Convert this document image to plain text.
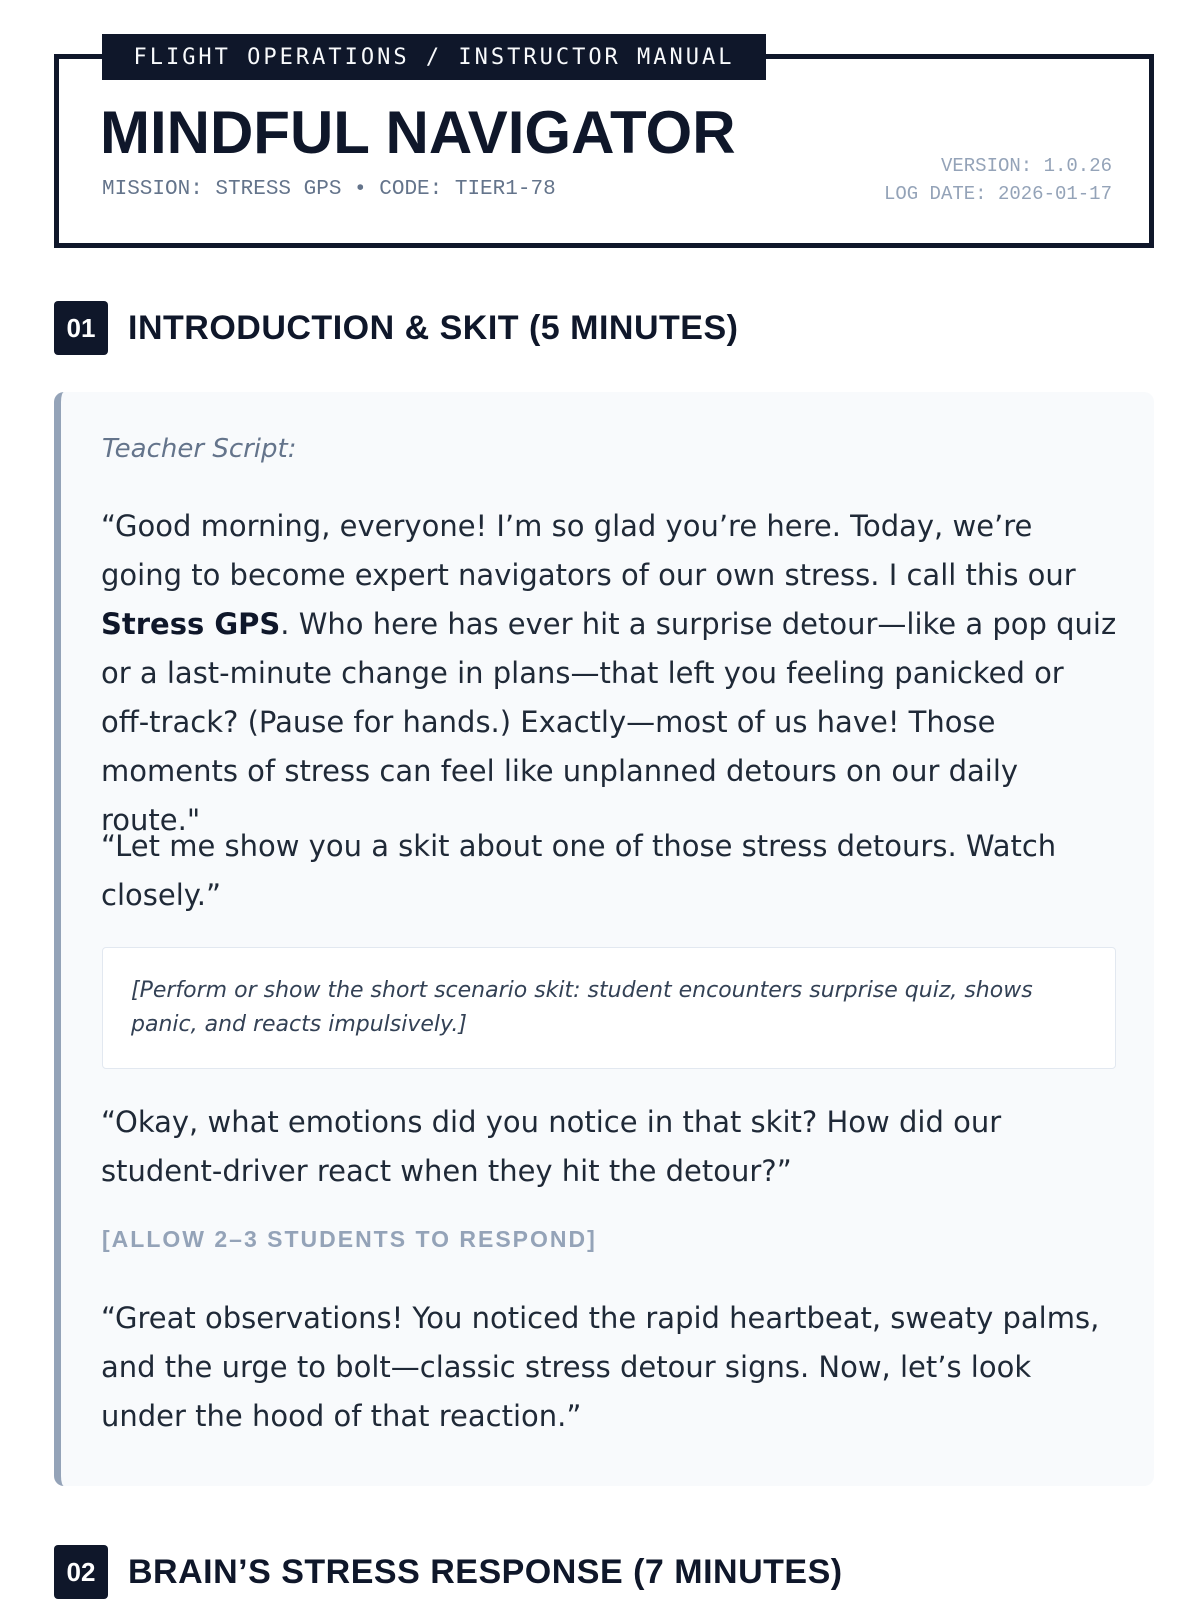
FLIGHT OPERATIONS / INSTRUCTOR MANUAL
MINDFUL NAVIGATOR
MISSION: STRESS GPS • CODE: TIER1-78
VERSION: 1.0.26
LOG DATE: 2026-01-17
01 INTRODUCTION & SKIT (5 MINUTES)
Teacher Script:

“Good morning, everyone! I’m so glad you’re here. Today, we’re going to become expert navigators of our own stress. I call this our Stress GPS. Who here has ever hit a surprise detour—like a pop quiz or a last-minute change in plans—that left you feeling panicked or off-track? (Pause for hands.) Exactly—most of us have! Those moments of stress can feel like unplanned detours on our daily route."

“Let me show you a skit about one of those stress detours. Watch closely.”

[Perform or show the short scenario skit: student encounters surprise quiz, shows panic, and reacts impulsively.]

“Okay, what emotions did you notice in that skit? How did our student-driver react when they hit the detour?”

[ALLOW 2–3 STUDENTS TO RESPOND]

“Great observations! You noticed the rapid heartbeat, sweaty palms, and the urge to bolt—classic stress detour signs. Now, let’s look under the hood of that reaction.”

02 BRAIN’S STRESS RESPONSE (7 MINUTES)
